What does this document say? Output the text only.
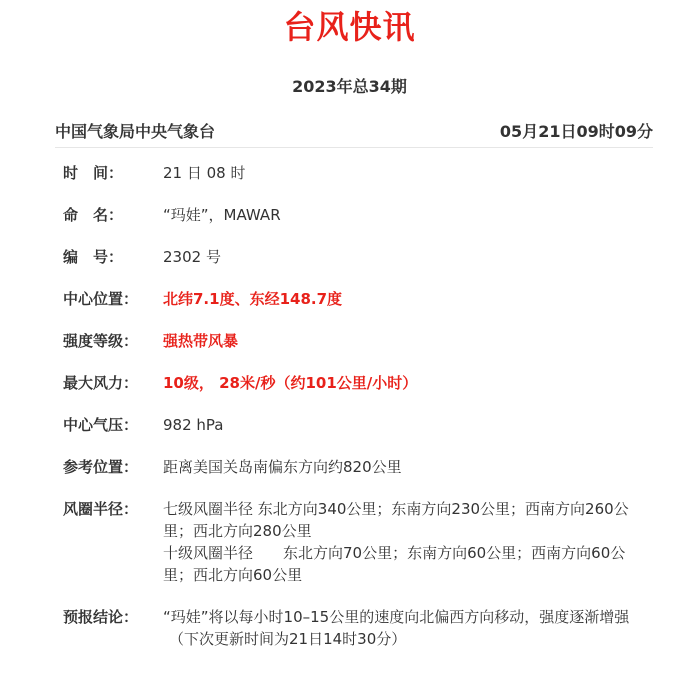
台风快讯
2023年总34期
中国气象局中央气象台	05月21日09时09分
时　间：	21 日 08 时
命　名：	“玛娃”，MAWAR
编　号：	2302 号
中心位置：	北纬7.1度、东经148.7度
强度等级：	强热带风暴
最大风力：	10级， 28米/秒（约101公里/小时）
中心气压：	982 hPa
参考位置：	距离美国关岛南偏东方向约820公里
风圈半径：	七级风圈半径 东北方向340公里；东南方向230公里；西南方向260公里；西北方向280公里
十级风圈半径　　东北方向70公里；东南方向60公里；西南方向60公里；西北方向60公里
预报结论：	“玛娃”将以每小时10–15公里的速度向北偏西方向移动，强度逐渐增强
（下次更新时间为21日14时30分）
